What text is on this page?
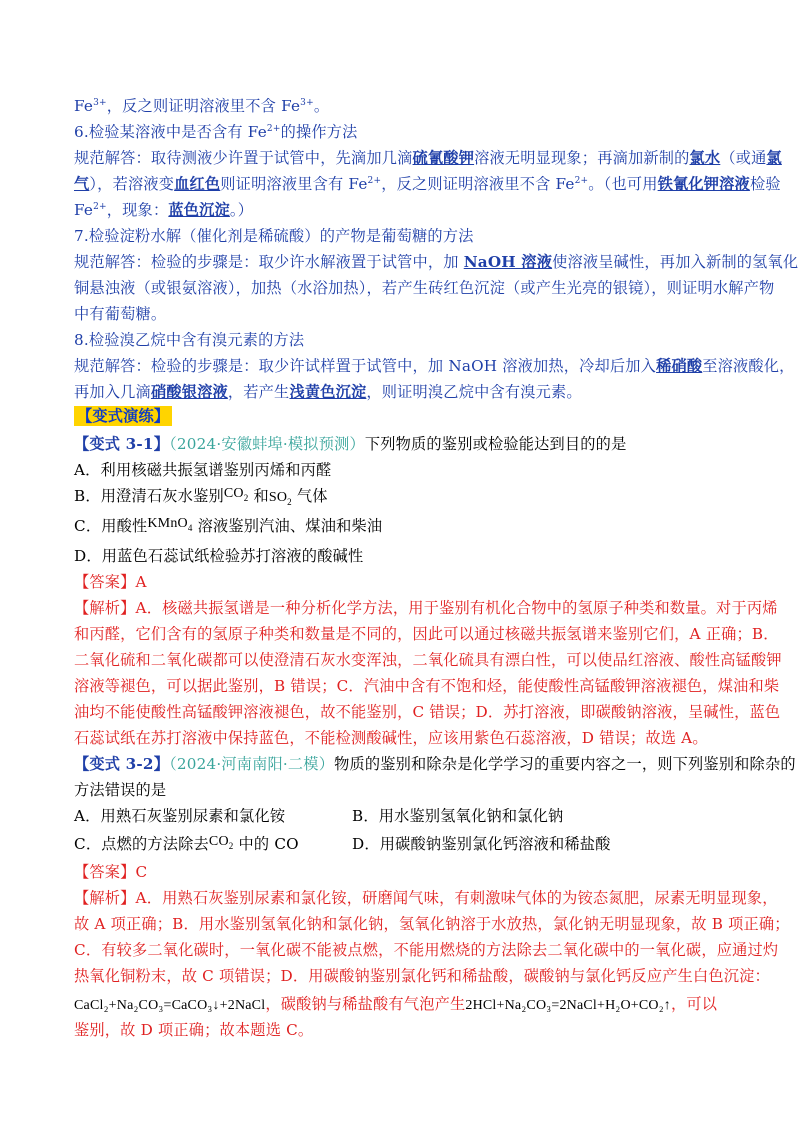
$Fe^{3+}$，反之则证明溶液里不含 $Fe^{3+}$。
6.检验某溶液中是否含有 $Fe^{2+}$的操作方法
规范解答：取待测液少许置于试管中，先滴加几滴硫氰酸钾溶液无明显现象；再滴加新制的氯水（或通氯
气），若溶液变血红色则证明溶液里含有 $Fe^{2+}$，反之则证明溶液里不含 $Fe^{2+}$。（也可用铁氰化钾溶液检验
$Fe^{2+}$，现象：蓝色沉淀。）
7.检验淀粉水解（催化剂是稀硫酸）的产物是葡萄糖的方法
规范解答：检验的步骤是：取少许水解液置于试管中，加 NaOH 溶液使溶液呈碱性，再加入新制的氢氧化
铜悬浊液（或银氨溶液），加热（水浴加热），若产生砖红色沉淀（或产生光亮的银镜），则证明水解产物
中有葡萄糖。
8.检验溴乙烷中含有溴元素的方法
规范解答：检验的步骤是：取少许试样置于试管中，加 NaOH 溶液加热，冷却后加入稀硝酸至溶液酸化，
再加入几滴硝酸银溶液，若产生浅黄色沉淀，则证明溴乙烷中含有溴元素。
【变式演练】
【变式 3-1】（2024·安徽蚌埠·模拟预测）下列物质的鉴别或检验能达到目的的是
A．利用核磁共振氢谱鉴别丙烯和丙醛
B．用澄清石灰水鉴别$CO_2$ 和$SO_2$ 气体
C．用酸性KMnO$_4$ 溶液鉴别汽油、煤油和柴油
D．用蓝色石蕊试纸检验苏打溶液的酸碱性
【答案】A
【解析】A．核磁共振氢谱是一种分析化学方法，用于鉴别有机化合物中的氢原子种类和数量。对于丙烯
和丙醛，它们含有的氢原子种类和数量是不同的，因此可以通过核磁共振氢谱来鉴别它们，A 正确；B．
二氧化硫和二氧化碳都可以使澄清石灰水变浑浊，二氧化硫具有漂白性，可以使品红溶液、酸性高锰酸钾
溶液等褪色，可以据此鉴别，B 错误；C．汽油中含有不饱和烃，能使酸性高锰酸钾溶液褪色，煤油和柴
油均不能使酸性高锰酸钾溶液褪色，故不能鉴别，C 错误；D．苏打溶液，即碳酸钠溶液，呈碱性，蓝色
石蕊试纸在苏打溶液中保持蓝色，不能检测酸碱性，应该用紫色石蕊溶液，D 错误；故选 A。
【变式 3-2】（2024·河南南阳·二模）物质的鉴别和除杂是化学学习的重要内容之一，则下列鉴别和除杂的
方法错误的是
A．用熟石灰鉴别尿素和氯化铵	B．用水鉴别氢氧化钠和氯化钠
C．点燃的方法除去$CO_2$ 中的 CO	D．用碳酸钠鉴别氯化钙溶液和稀盐酸
【答案】C
【解析】A．用熟石灰鉴别尿素和氯化铵，研磨闻气味，有刺激味气体的为铵态氮肥，尿素无明显现象，
故 A 项正确；B．用水鉴别氢氧化钠和氯化钠，氢氧化钠溶于水放热，氯化钠无明显现象，故 B 项正确；
C．有较多二氧化碳时，一氧化碳不能被点燃，不能用燃烧的方法除去二氧化碳中的一氧化碳，应通过灼
热氧化铜粉末，故 C 项错误；D．用碳酸钠鉴别氯化钙和稀盐酸，碳酸钠与氯化钙反应产生白色沉淀：
CaCl₂+Na₂CO₃=CaCO₃↓+2NaCl，碳酸钠与稀盐酸有气泡产生2HCl+Na₂CO₃=2NaCl+H₂O+CO₂↑，可以
鉴别，故 D 项正确；故本题选 C。
